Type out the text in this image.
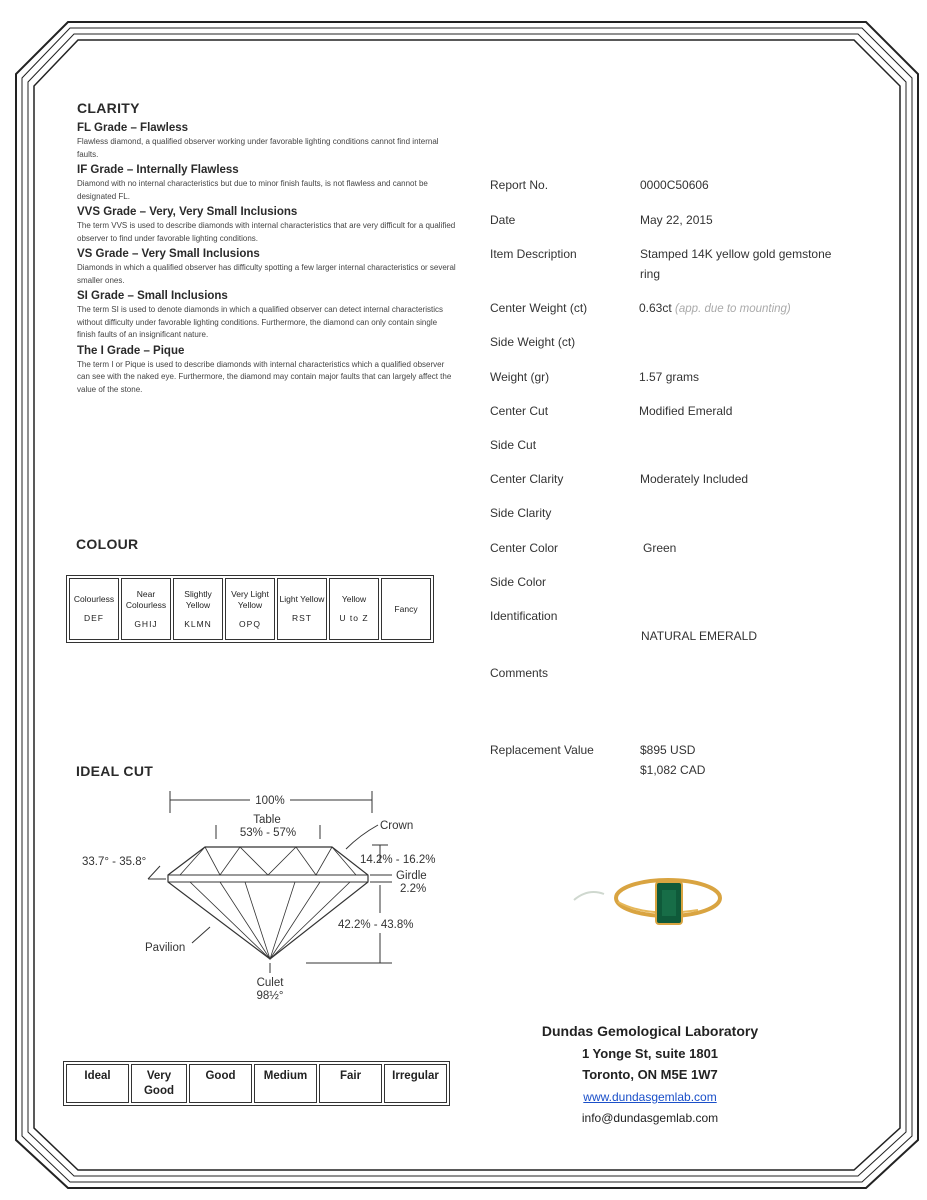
CLARITY
FL Grade – Flawless
Flawless diamond, a qualified observer working under favorable lighting conditions cannot find internal faults.
IF Grade – Internally Flawless
Diamond with no internal characteristics but due to minor finish faults, is not flawless and cannot be designated FL.
VVS Grade – Very, Very Small Inclusions
The term VVS is used to describe diamonds with internal characteristics that are very difficult for a qualified observer to find under favorable lighting conditions.
VS Grade – Very Small Inclusions
Diamonds in which a qualified observer has difficulty spotting a few larger internal characteristics or several smaller ones.
SI Grade – Small Inclusions
The term SI is used to denote diamonds in which a qualified observer can detect internal characteristics without difficulty under favorable lighting conditions. Furthermore, the diamond can only contain single finish faults of an insignificant nature.
The I Grade – Pique
The term I or Pique is used to describe diamonds with internal characteristics which a qualified observer can see with the naked eye. Furthermore, the diamond may contain major faults that can largely affect the value of the stone.
COLOUR
Colourless
DEF
	Near Colourless
GHIJ
	Slightly Yellow
KLMN
	Very Light Yellow
OPQ
	Light Yellow
RST
	Yellow
U to Z
	Fancy
IDEAL CUT
100%
Table
53% - 57%
Crown
33.7° - 35.8°	14.2% - 16.2%
Girdle
2.2%
42.2% - 43.8%
Pavilion
Culet
98½°
Ideal	Very Good	Good	Medium	Fair	Irregular
Report No.	0000C50606
Date	May 22, 2015
Item Description	Stamped 14K yellow gold gemstone
ring
Center Weight (ct)	0.63ct (app. due to mounting)
Side Weight (ct)
Weight (gr)	1.57 grams
Center Cut	Modified Emerald
Side Cut
Center Clarity	Moderately Included
Side Clarity
Center Color	Green
Side Color
Identification
NATURAL EMERALD
Comments
Replacement Value	$895 USD
$1,082 CAD
Dundas Gemological Laboratory
1 Yonge St, suite 1801
Toronto, ON M5E 1W7
www.dundasgemlab.com
info@dundasgemlab.com
